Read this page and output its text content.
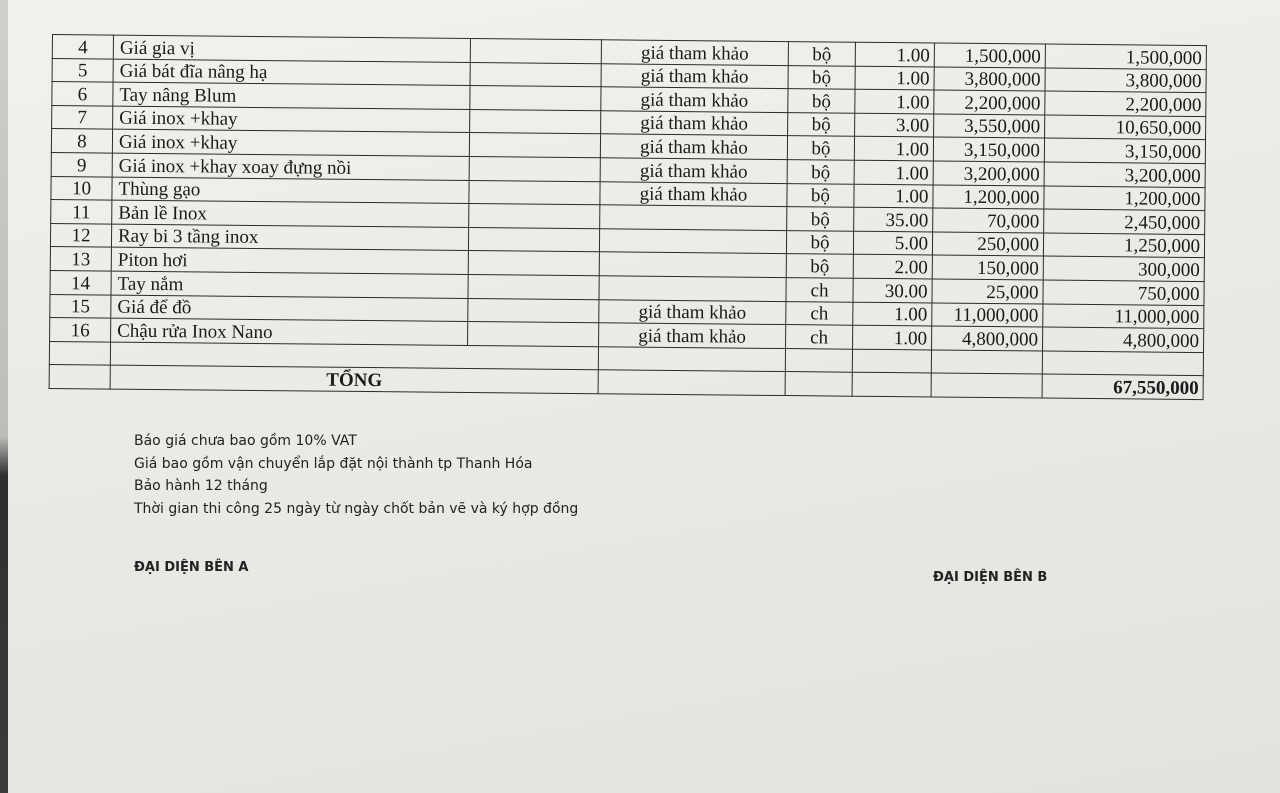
4	Giá gia vị		giá tham khảo	bộ	1.00	1,500,000	1,500,000
5	Giá bát đĩa nâng hạ		giá tham khảo	bộ	1.00	3,800,000	3,800,000
6	Tay nâng Blum		giá tham khảo	bộ	1.00	2,200,000	2,200,000
7	Giá inox +khay		giá tham khảo	bộ	3.00	3,550,000	10,650,000
8	Giá inox +khay		giá tham khảo	bộ	1.00	3,150,000	3,150,000
9	Giá inox +khay xoay đựng nồi		giá tham khảo	bộ	1.00	3,200,000	3,200,000
10	Thùng gạo		giá tham khảo	bộ	1.00	1,200,000	1,200,000
11	Bản lề Inox			bộ	35.00	70,000	2,450,000
12	Ray bi 3 tầng inox			bộ	5.00	250,000	1,250,000
13	Piton hơi			bộ	2.00	150,000	300,000
14	Tay nắm			ch	30.00	25,000	750,000
15	Giá để đồ		giá tham khảo	ch	1.00	11,000,000	11,000,000
16	Chậu rửa Inox Nano		giá tham khảo	ch	1.00	4,800,000	4,800,000

	TỔNG						67,550,000
Báo giá chưa bao gồm 10% VAT
Giá bao gồm vận chuyển lắp đặt nội thành tp Thanh Hóa
Bảo hành 12 tháng
Thời gian thi công 25 ngày từ ngày chốt bản vẽ và ký hợp đồng
ĐẠI DIỆN BÊN A
ĐẠI DIỆN BÊN B
